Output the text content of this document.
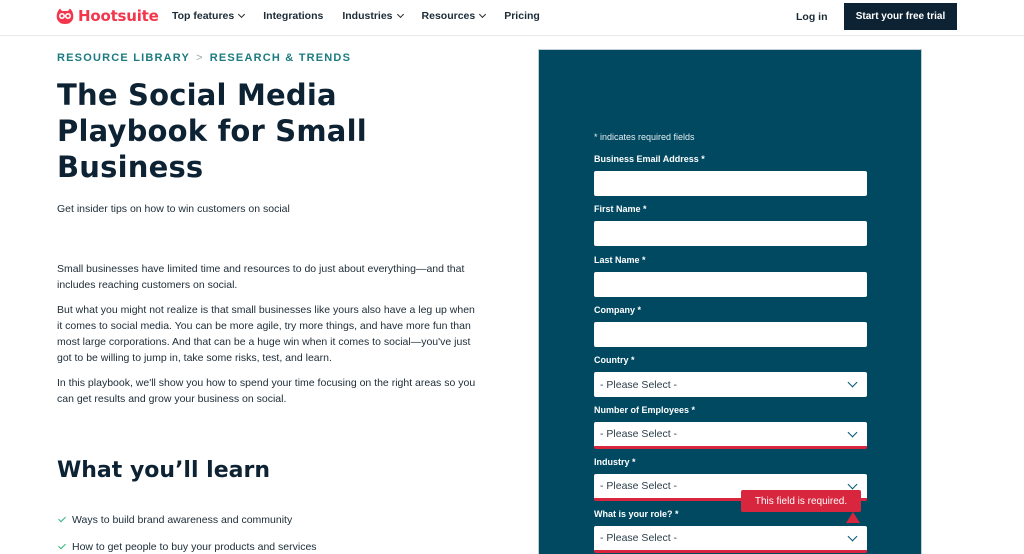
Hootsuite Top features	Integrations Industries	Resources	Pricing	Log in	Start your free trial
RESOURCE LIBRARY > RESEARCH & TRENDS
The Social Media Playbook for Small Business
Get insider tips on how to win customers on social

Small businesses have limited time and resources to do just about everything—and that includes reaching customers on social.

But what you might not realize is that small businesses like yours also have a leg up when it comes to social media. You can be more agile, try more things, and have more fun than most large corporations. And that can be a huge win when it comes to social—you've just got to be willing to jump in, take some risks, test, and learn.

In this playbook, we'll show you how to spend your time focusing on the right areas so you can get results and grow your business on social.

What you’ll learn
Ways to build brand awareness and community
How to get people to buy your products and services
* indicates required fields
Business Email Address *
First Name *
Last Name *
Company *
Country *
- Please Select -
Number of Employees *
- Please Select -
Industry *
- Please Select -
What is your role? *
- Please Select -
This field is required.
